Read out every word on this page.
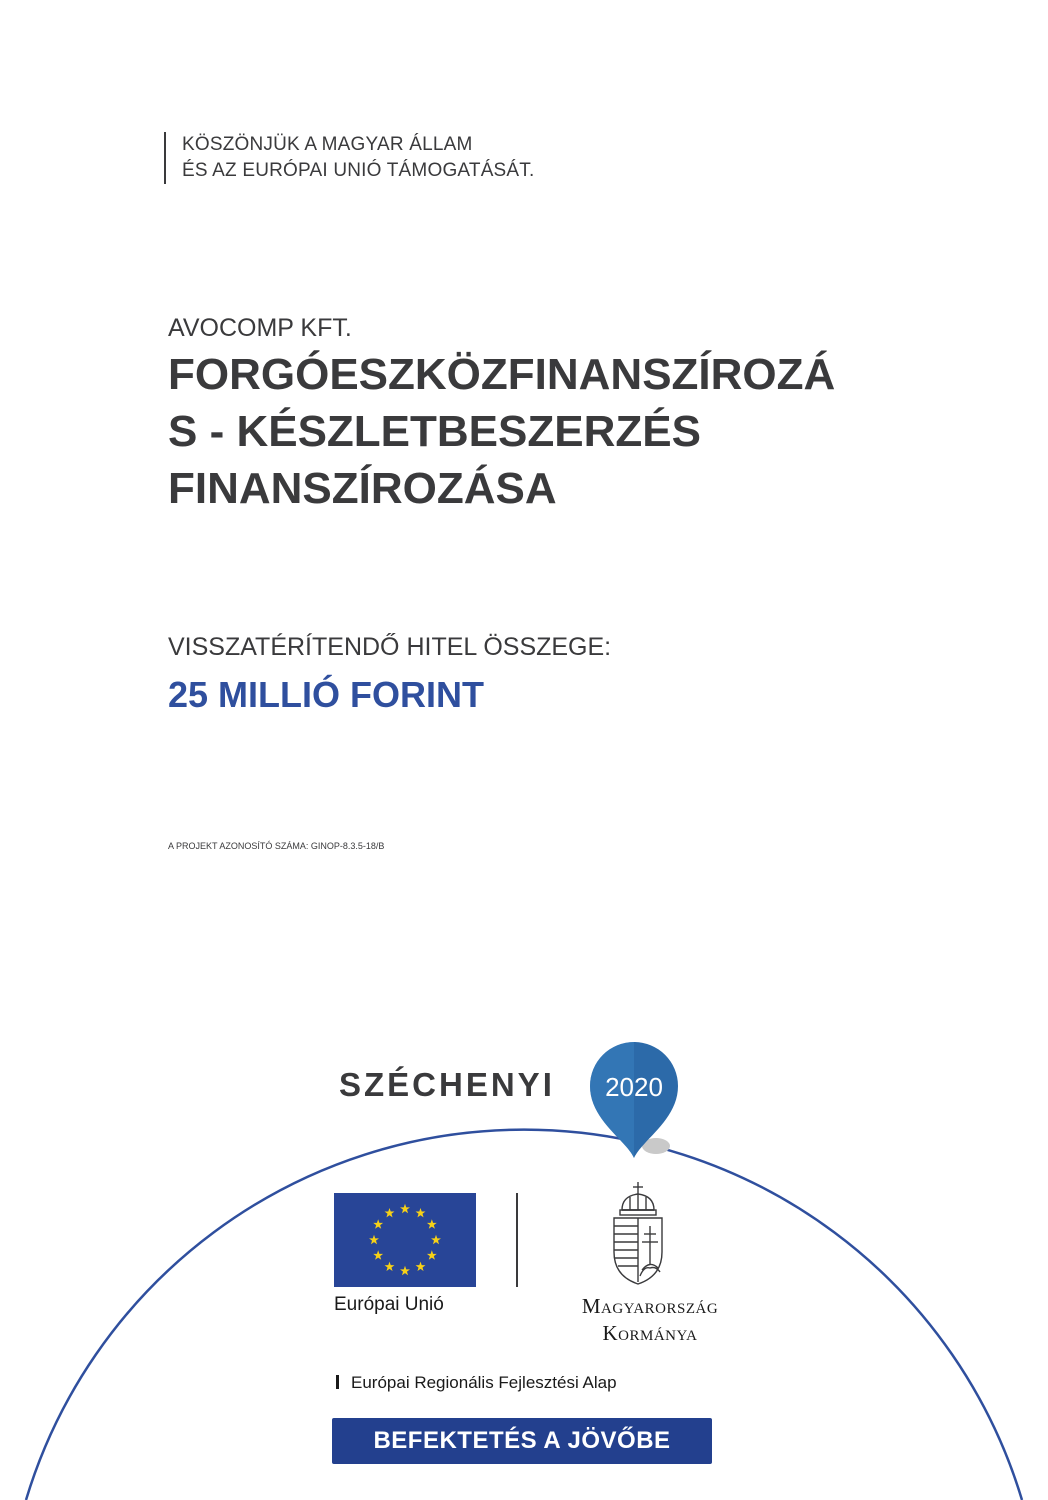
KÖSZÖNJÜK A MAGYAR ÁLLAM
ÉS AZ EURÓPAI UNIÓ TÁMOGATÁSÁT.
AVOCOMP KFT.
FORGÓESZKÖZFINANSZÍROZÁ
S - KÉSZLETBESZERZÉS
FINANSZÍROZÁSA
VISSZATÉRÍTENDŐ HITEL ÖSSZEGE:
25 MILLIÓ FORINT
A PROJEKT AZONOSÍTÓ SZÁMA: GINOP-8.3.5-18/B
SZÉCHENYI 2020
Európai Unió	MAGYARORSZÁG
KORMÁNYA
Európai Regionális Fejlesztési Alap
BEFEKTETÉS A JÖVŐBE
